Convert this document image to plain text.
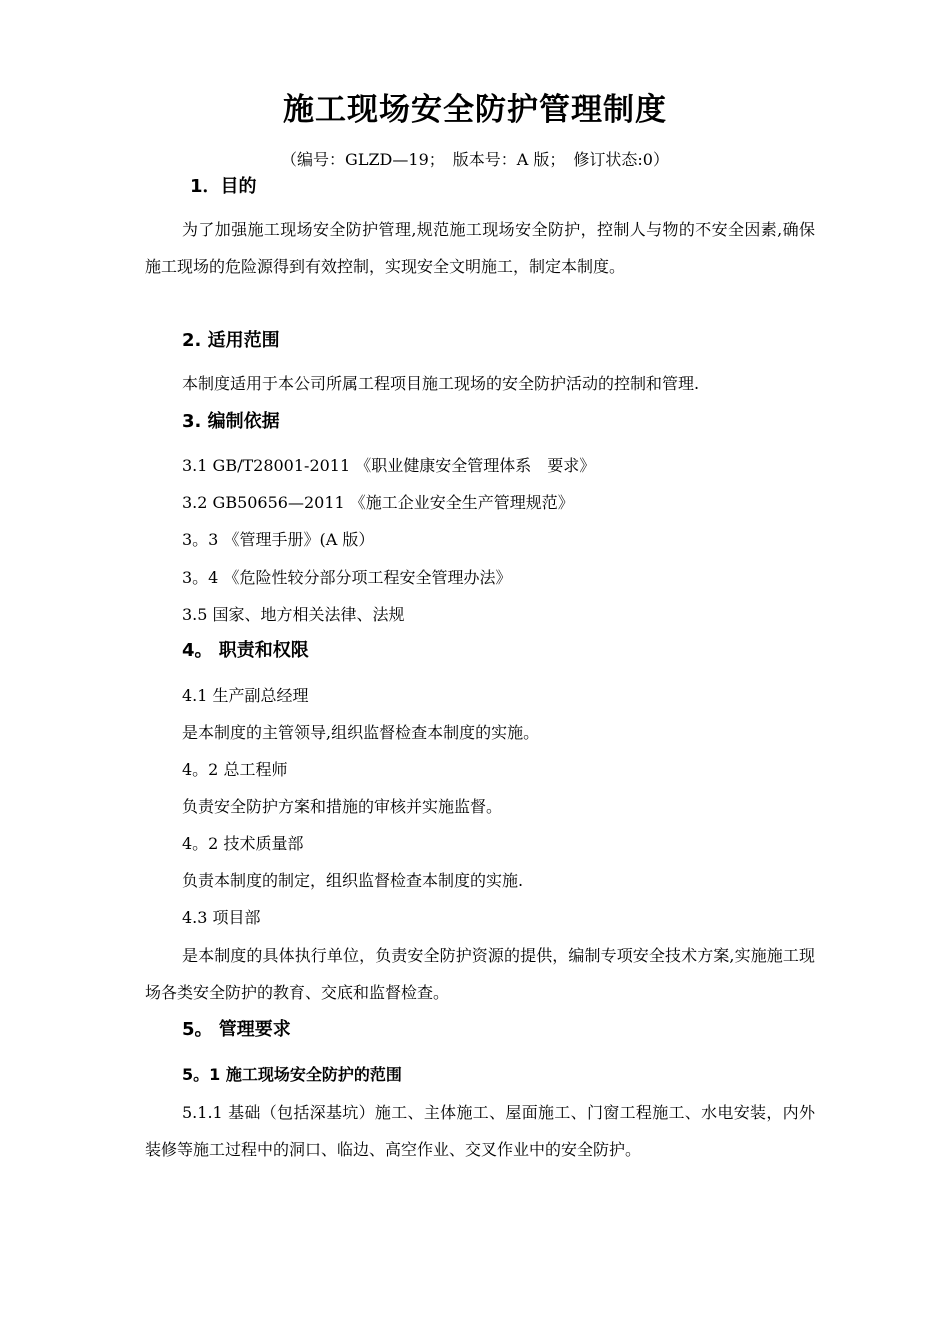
施工现场安全防护管理制度
（编号：GLZD—19；　版本号：A 版；　修订状态:0）
1．目的
为了加强施工现场安全防护管理,规范施工现场安全防护，控制人与物的不安全因素,确保施工现场的危险源得到有效控制，实现安全文明施工，制定本制度。
2. 适用范围
本制度适用于本公司所属工程项目施工现场的安全防护活动的控制和管理.
3. 编制依据
3.1 GB/T28001-2011 《职业健康安全管理体系　要求》
3.2 GB50656—2011 《施工企业安全生产管理规范》
3。3 《管理手册》(A 版）
3。4 《危险性较分部分项工程安全管理办法》
3.5 国家、地方相关法律、法规
4。 职责和权限
4.1 生产副总经理
是本制度的主管领导,组织监督检查本制度的实施。
4。2 总工程师
负责安全防护方案和措施的审核并实施监督。
4。2 技术质量部
负责本制度的制定，组织监督检查本制度的实施.
4.3 项目部
是本制度的具体执行单位，负责安全防护资源的提供，编制专项安全技术方案,实施施工现场各类安全防护的教育、交底和监督检查。
5。 管理要求
5。1 施工现场安全防护的范围
5.1.1 基础（包括深基坑）施工、主体施工、屋面施工、门窗工程施工、水电安装，内外装修等施工过程中的洞口、临边、高空作业、交叉作业中的安全防护。
